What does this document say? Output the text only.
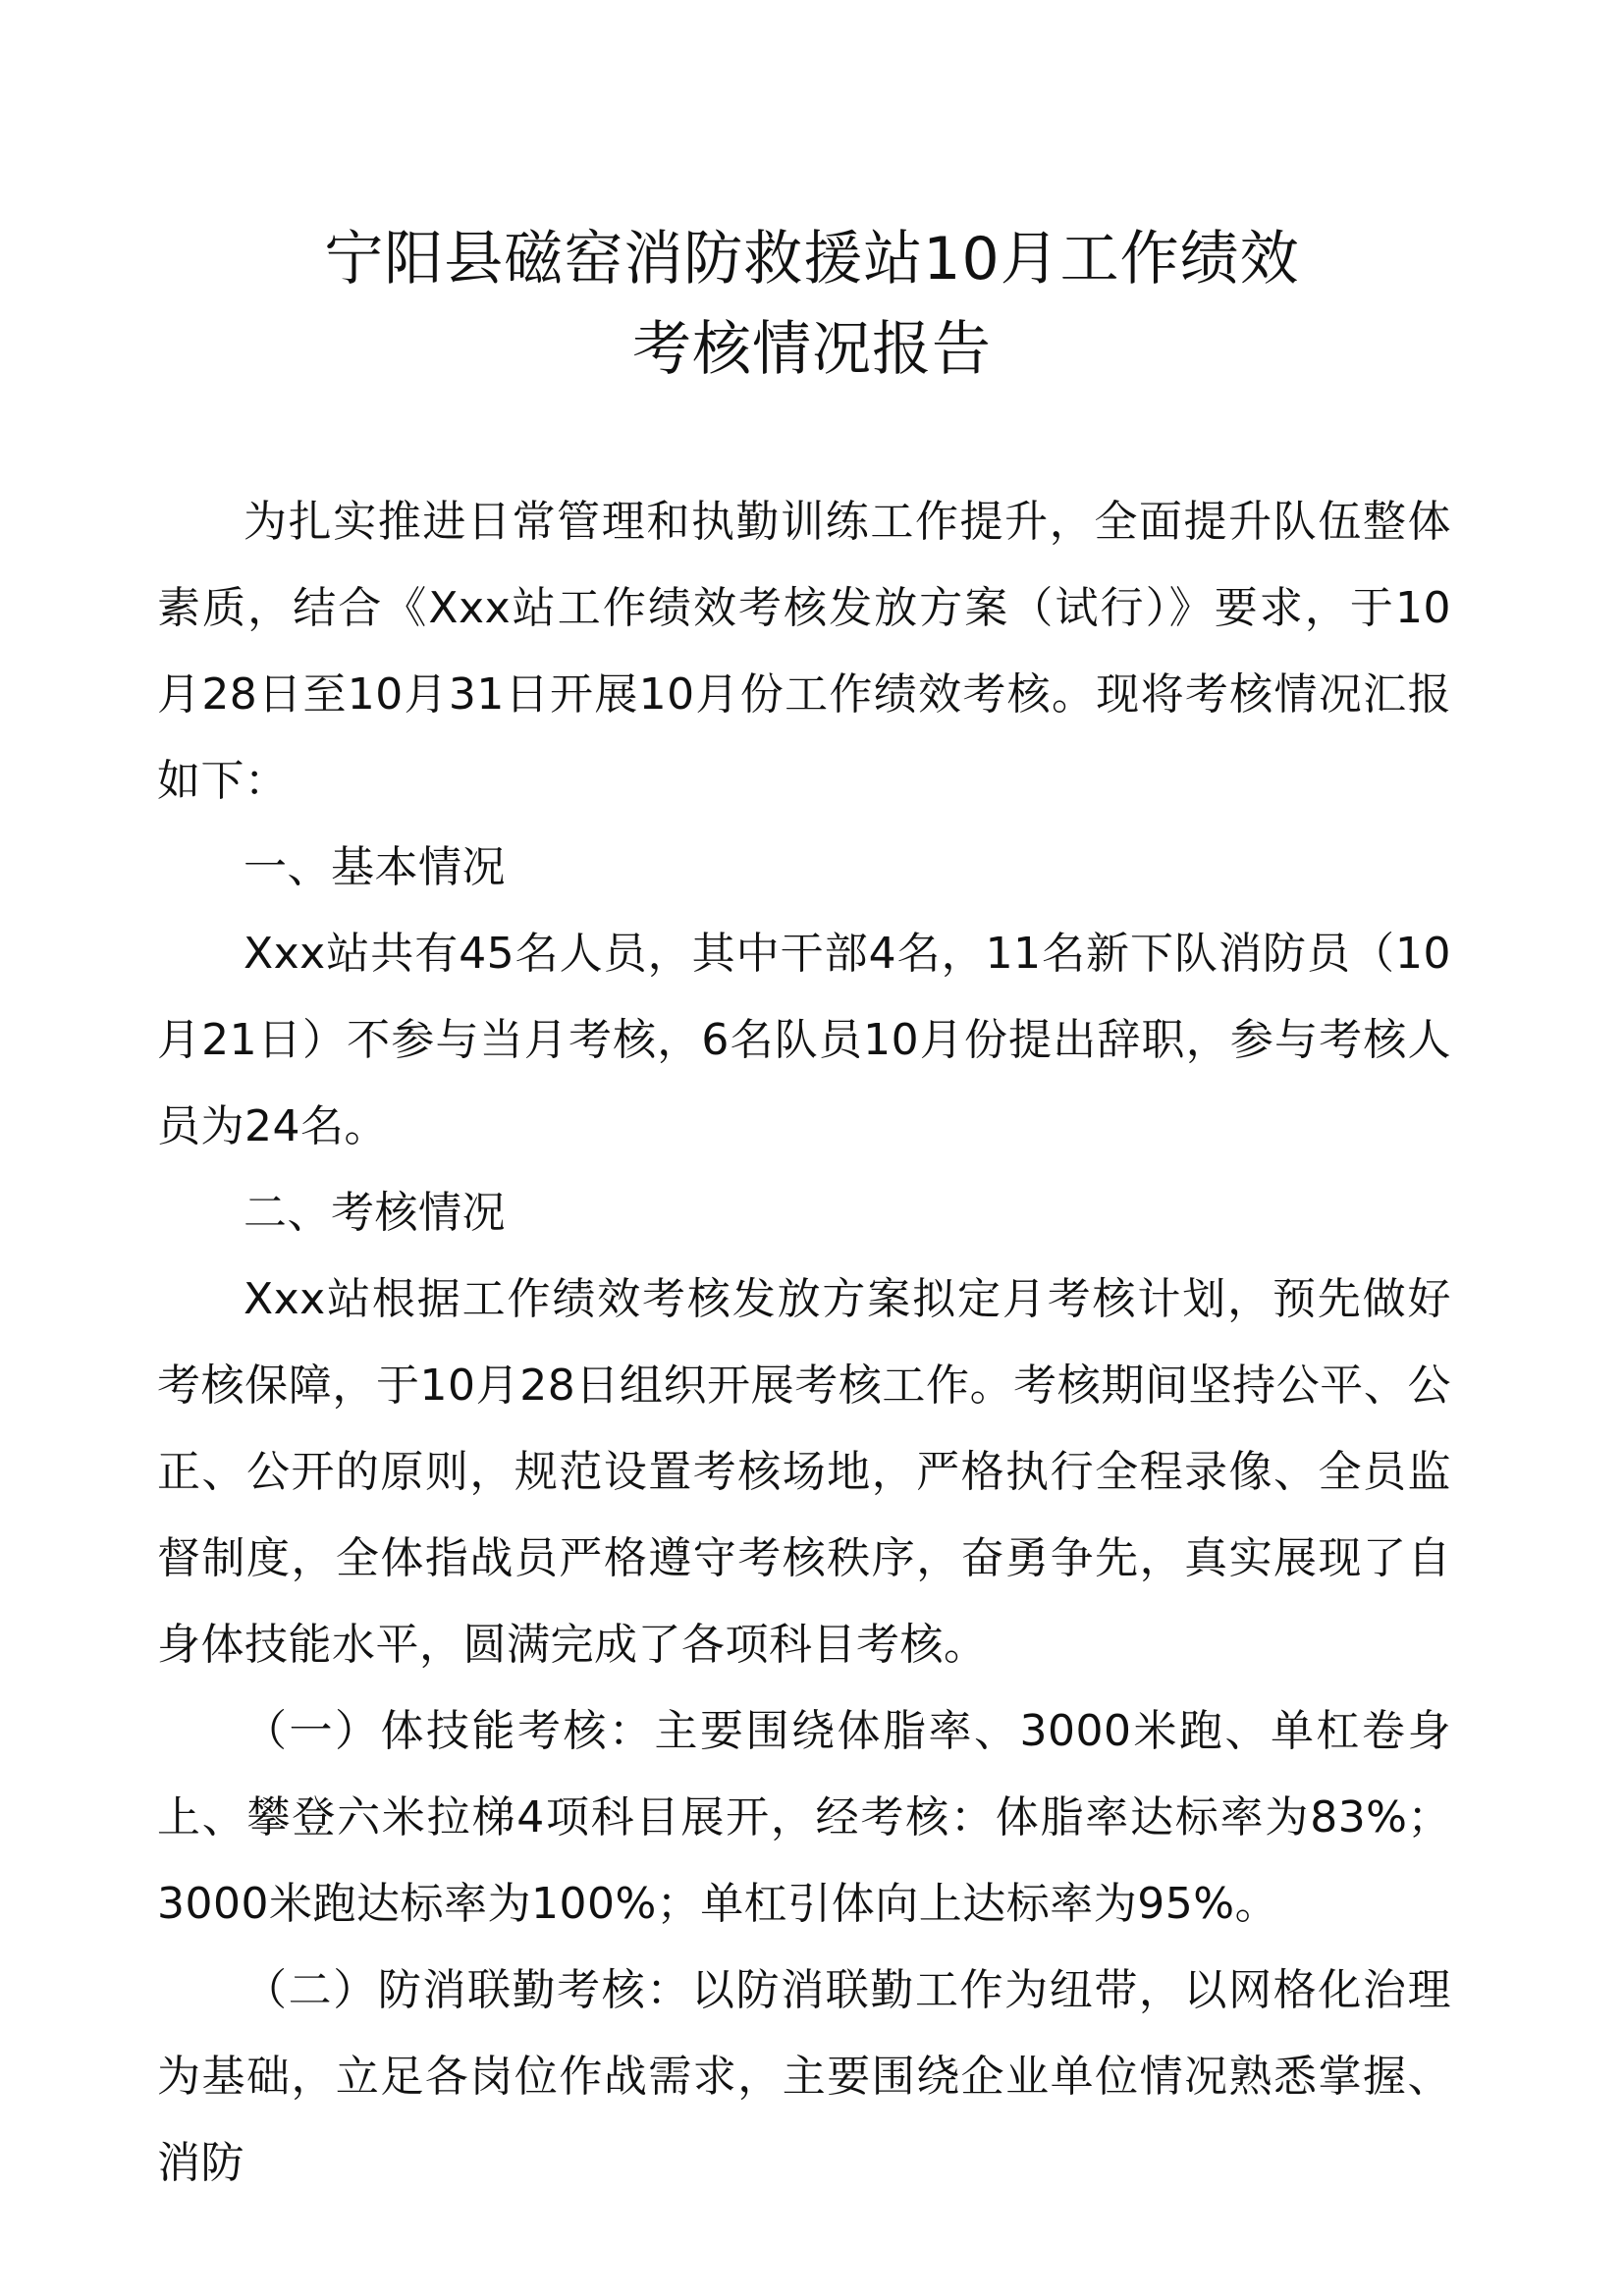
宁阳县磁窑消防救援站10月工作绩效
考核情况报告

为扎实推进日常管理和执勤训练工作提升，全面提升队伍整体素质，结合《Xxx站工作绩效考核发放方案（试行）》要求，于10月28日至10月31日开展10月份工作绩效考核。现将考核情况汇报如下：

一、基本情况

Xxx站共有45名人员，其中干部4名，11名新下队消防员（10月21日）不参与当月考核，6名队员10月份提出辞职，参与考核人员为24名。

二、考核情况

Xxx站根据工作绩效考核发放方案拟定月考核计划，预先做好考核保障，于10月28日组织开展考核工作。考核期间坚持公平、公正、公开的原则，规范设置考核场地，严格执行全程录像、全员监督制度，全体指战员严格遵守考核秩序，奋勇争先，真实展现了自身体技能水平，圆满完成了各项科目考核。

（一）体技能考核：主要围绕体脂率、3000米跑、单杠卷身上、攀登六米拉梯4项科目展开，经考核：体脂率达标率为83%；3000米跑达标率为100%；单杠引体向上达标率为95%。

（二）防消联勤考核：以防消联勤工作为纽带，以网格化治理为基础，立足各岗位作战需求，主要围绕企业单位情况熟悉掌握、消防
